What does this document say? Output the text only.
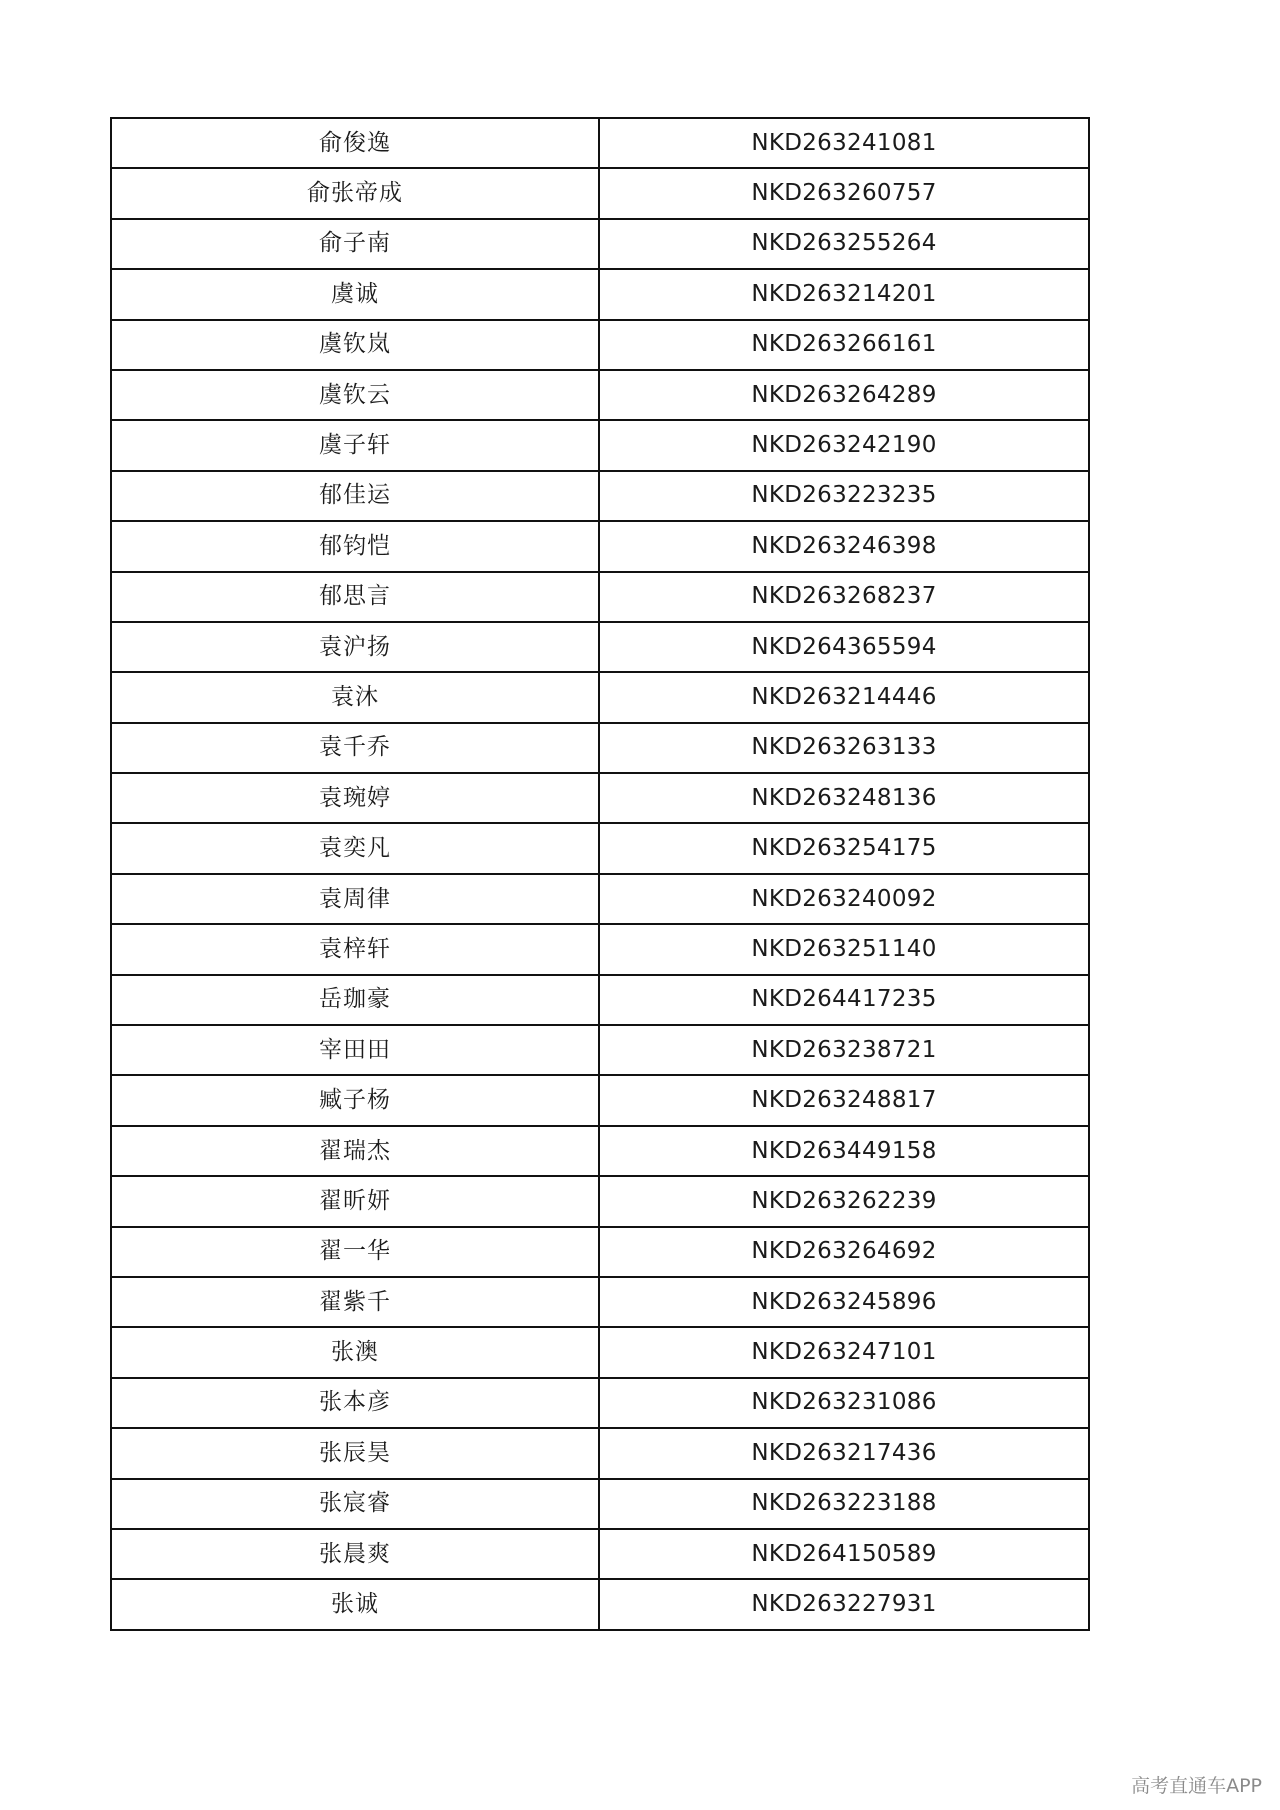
俞俊逸	NKD263241081
俞张帝成	NKD263260757
俞子南	NKD263255264
虞诚	NKD263214201
虞钦岚	NKD263266161
虞钦云	NKD263264289
虞子轩	NKD263242190
郁佳运	NKD263223235
郁钧恺	NKD263246398
郁思言	NKD263268237
袁沪扬	NKD264365594
袁沐	NKD263214446
袁千乔	NKD263263133
袁琬婷	NKD263248136
袁奕凡	NKD263254175
袁周律	NKD263240092
袁梓轩	NKD263251140
岳珈豪	NKD264417235
宰田田	NKD263238721
臧子杨	NKD263248817
翟瑞杰	NKD263449158
翟昕妍	NKD263262239
翟一华	NKD263264692
翟紫千	NKD263245896
张澳	NKD263247101
张本彦	NKD263231086
张辰昊	NKD263217436
张宸睿	NKD263223188
张晨爽	NKD264150589
张诚	NKD263227931
高考直通车APP
